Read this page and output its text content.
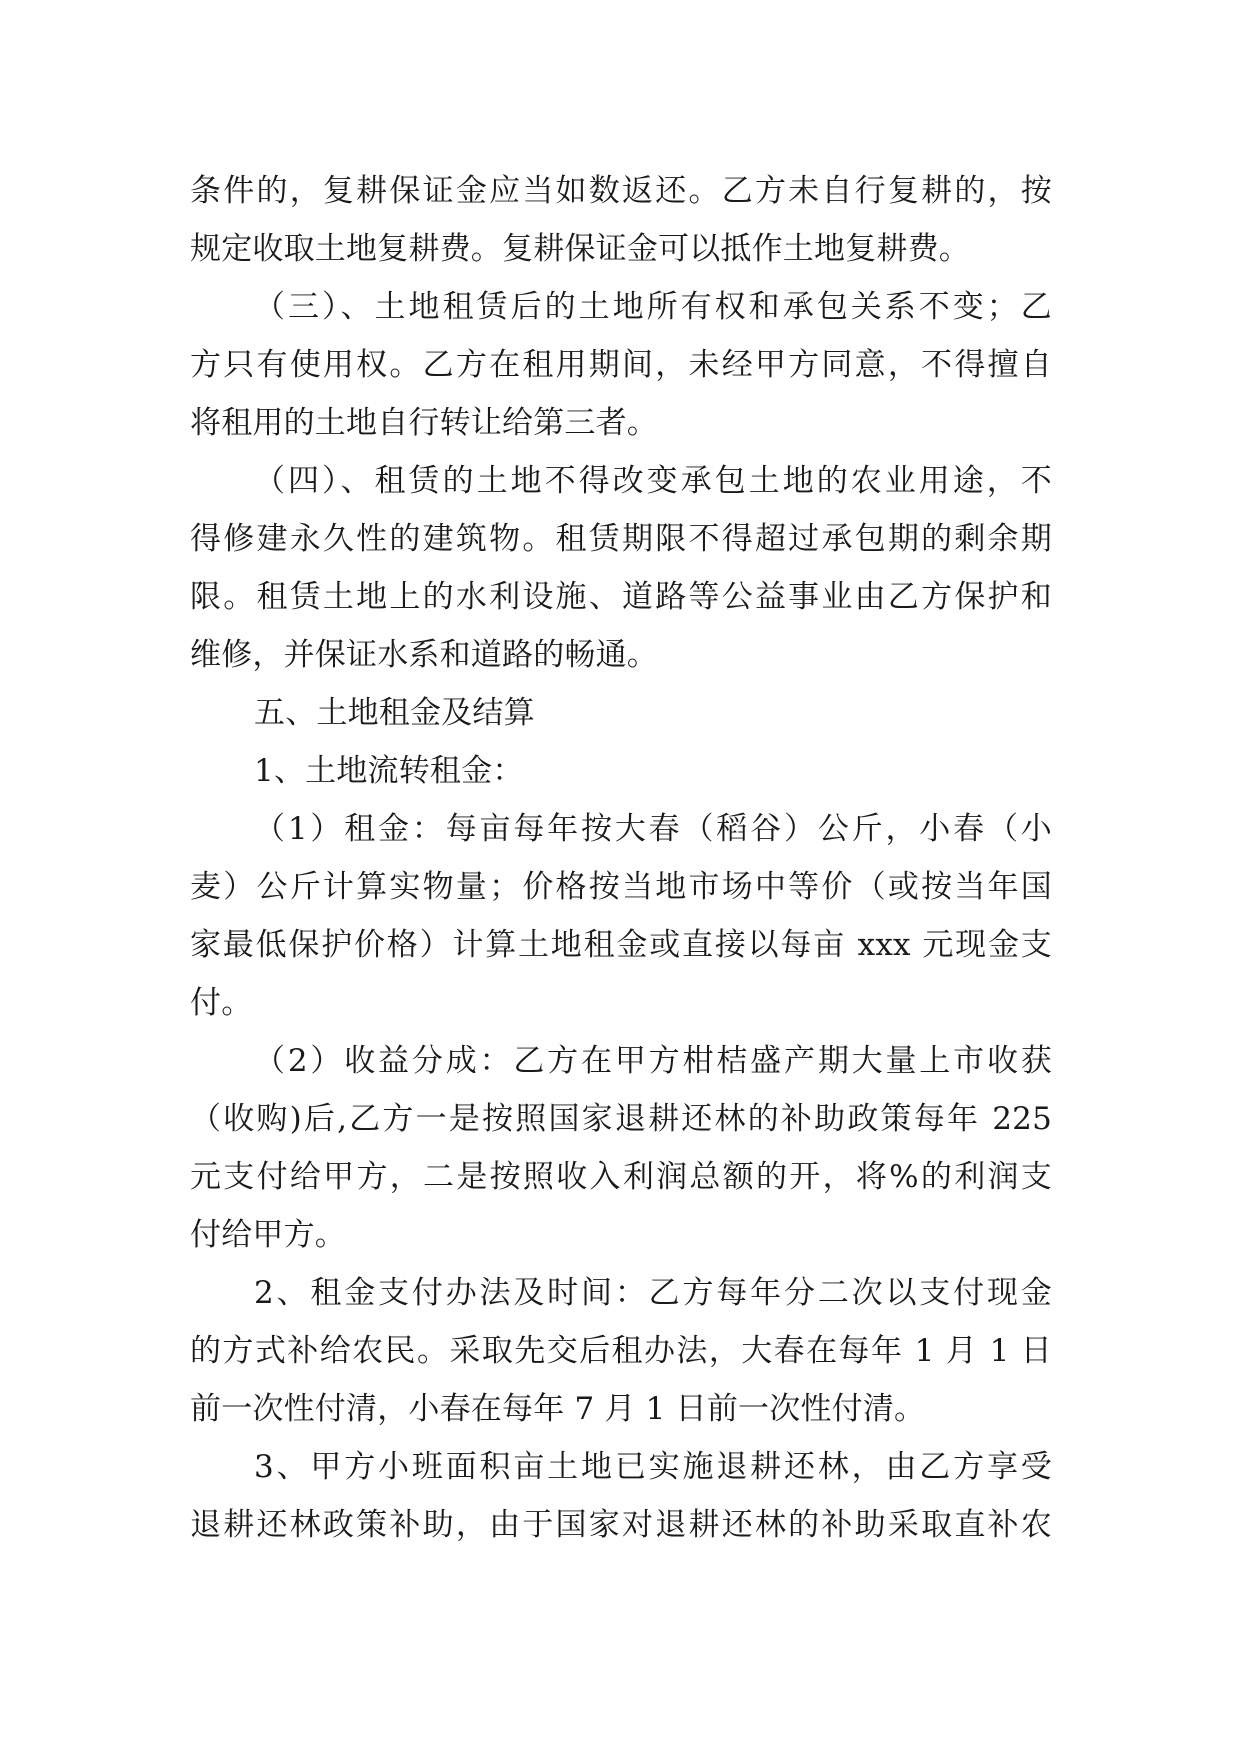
条件的，复耕保证金应当如数返还。乙方未自行复耕的，按
规定收取土地复耕费。复耕保证金可以抵作土地复耕费。
（三）、土地租赁后的土地所有权和承包关系不变；乙
方只有使用权。乙方在租用期间，未经甲方同意，不得擅自
将租用的土地自行转让给第三者。
（四）、租赁的土地不得改变承包土地的农业用途，不
得修建永久性的建筑物。租赁期限不得超过承包期的剩余期
限。租赁土地上的水利设施、道路等公益事业由乙方保护和
维修，并保证水系和道路的畅通。
五、土地租金及结算
1、土地流转租金：
（1）租金：每亩每年按大春（稻谷）公斤，小春（小
麦）公斤计算实物量；价格按当地市场中等价（或按当年国
家最低保护价格）计算土地租金或直接以每亩 xxx 元现金支
付。
（2）收益分成：乙方在甲方柑桔盛产期大量上市收获
（收购)后,乙方一是按照国家退耕还林的补助政策每年 225
元支付给甲方，二是按照收入利润总额的开，将%的利润支
付给甲方。
2、租金支付办法及时间：乙方每年分二次以支付现金
的方式补给农民。采取先交后租办法，大春在每年 1 月 1 日
前一次性付清，小春在每年 7 月 1 日前一次性付清。
3、甲方小班面积亩土地已实施退耕还林，由乙方享受
退耕还林政策补助，由于国家对退耕还林的补助采取直补农
